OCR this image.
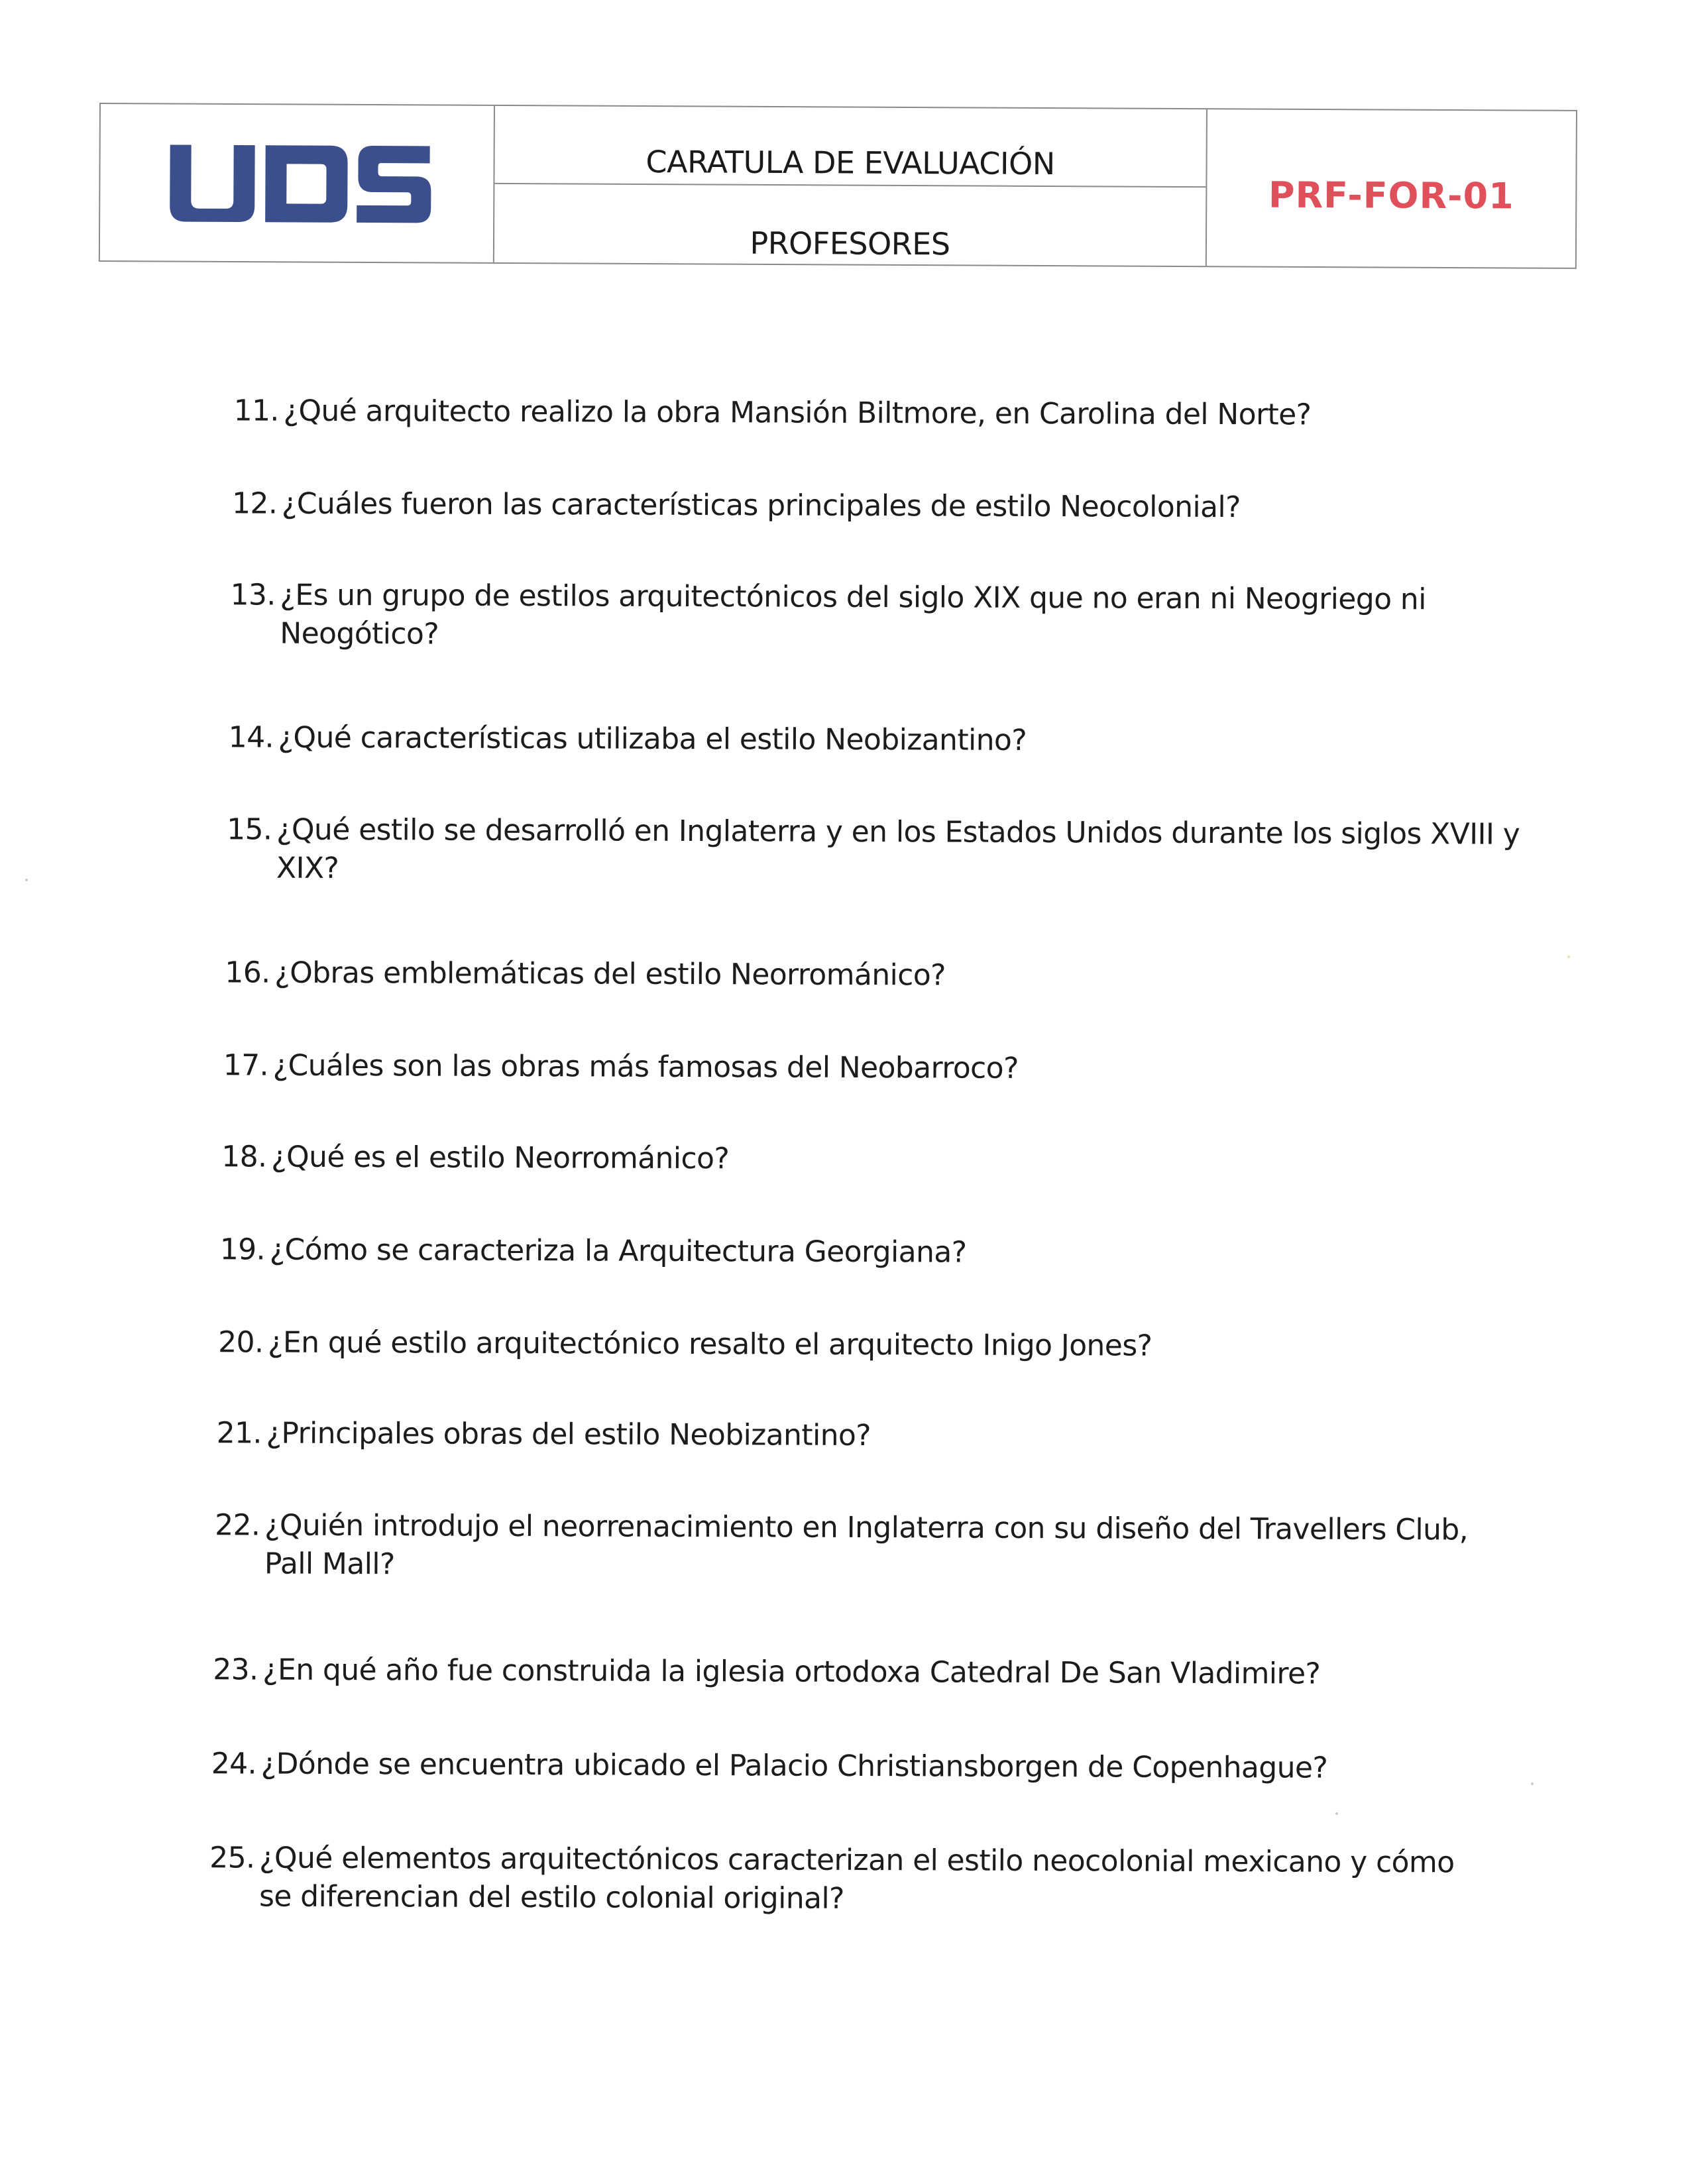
CARATULA DE EVALUACIÓN
PROFESORES
PRF-FOR-01
11. ¿Qué arquitecto realizo la obra Mansión Biltmore, en Carolina del Norte?
12. ¿Cuáles fueron las características principales de estilo Neocolonial?
13. ¿Es un grupo de estilos arquitectónicos del siglo XIX que no eran ni Neogriego ni Neogótico?
14. ¿Qué características utilizaba el estilo Neobizantino?
15. ¿Qué estilo se desarrolló en Inglaterra y en los Estados Unidos durante los siglos XVIII y XIX?
16. ¿Obras emblemáticas del estilo Neorrománico?
17. ¿Cuáles son las obras más famosas del Neobarroco?
18. ¿Qué es el estilo Neorrománico?
19. ¿Cómo se caracteriza la Arquitectura Georgiana?
20. ¿En qué estilo arquitectónico resalto el arquitecto Inigo Jones?
21. ¿Principales obras del estilo Neobizantino?
22. ¿Quién introdujo el neorrenacimiento en Inglaterra con su diseño del Travellers Club, Pall Mall?
23. ¿En qué año fue construida la iglesia ortodoxa Catedral De San Vladimire?
24. ¿Dónde se encuentra ubicado el Palacio Christiansborgen de Copenhague?
25. ¿Qué elementos arquitectónicos caracterizan el estilo neocolonial mexicano y cómo se diferencian del estilo colonial original?
